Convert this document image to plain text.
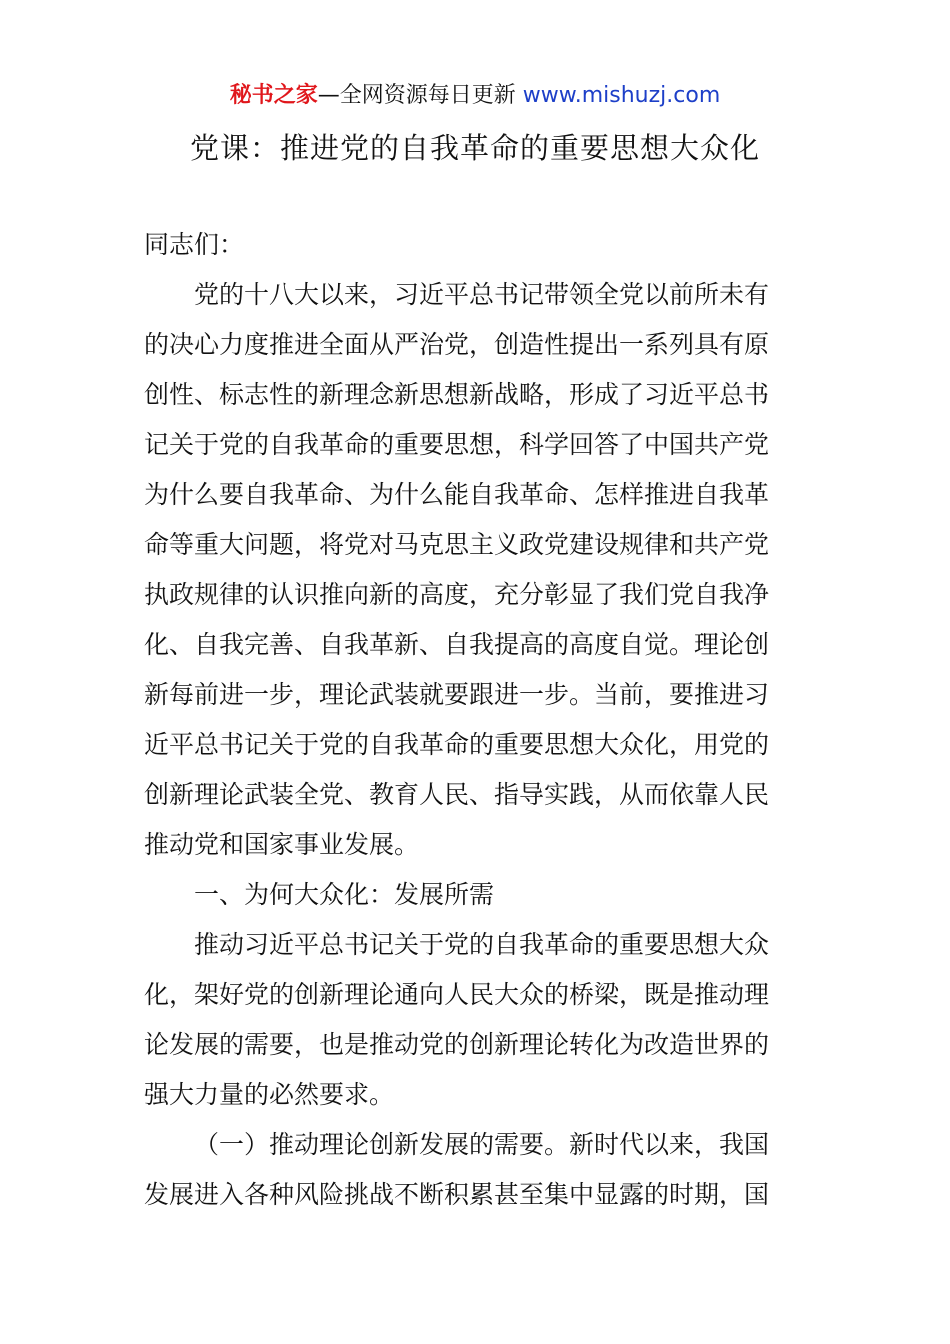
秘书之家—全网资源每日更新 www.mishuzj.com
党课：推进党的自我革命的重要思想大众化
同志们：
党的十八大以来，习近平总书记带领全党以前所未有
的决心力度推进全面从严治党，创造性提出一系列具有原
创性、标志性的新理念新思想新战略，形成了习近平总书
记关于党的自我革命的重要思想，科学回答了中国共产党
为什么要自我革命、为什么能自我革命、怎样推进自我革
命等重大问题，将党对马克思主义政党建设规律和共产党
执政规律的认识推向新的高度，充分彰显了我们党自我净
化、自我完善、自我革新、自我提高的高度自觉。理论创
新每前进一步，理论武装就要跟进一步。当前，要推进习
近平总书记关于党的自我革命的重要思想大众化，用党的
创新理论武装全党、教育人民、指导实践，从而依靠人民
推动党和国家事业发展。
一、为何大众化：发展所需
推动习近平总书记关于党的自我革命的重要思想大众
化，架好党的创新理论通向人民大众的桥梁，既是推动理
论发展的需要，也是推动党的创新理论转化为改造世界的
强大力量的必然要求。
（一）推动理论创新发展的需要。新时代以来，我国
发展进入各种风险挑战不断积累甚至集中显露的时期，国
